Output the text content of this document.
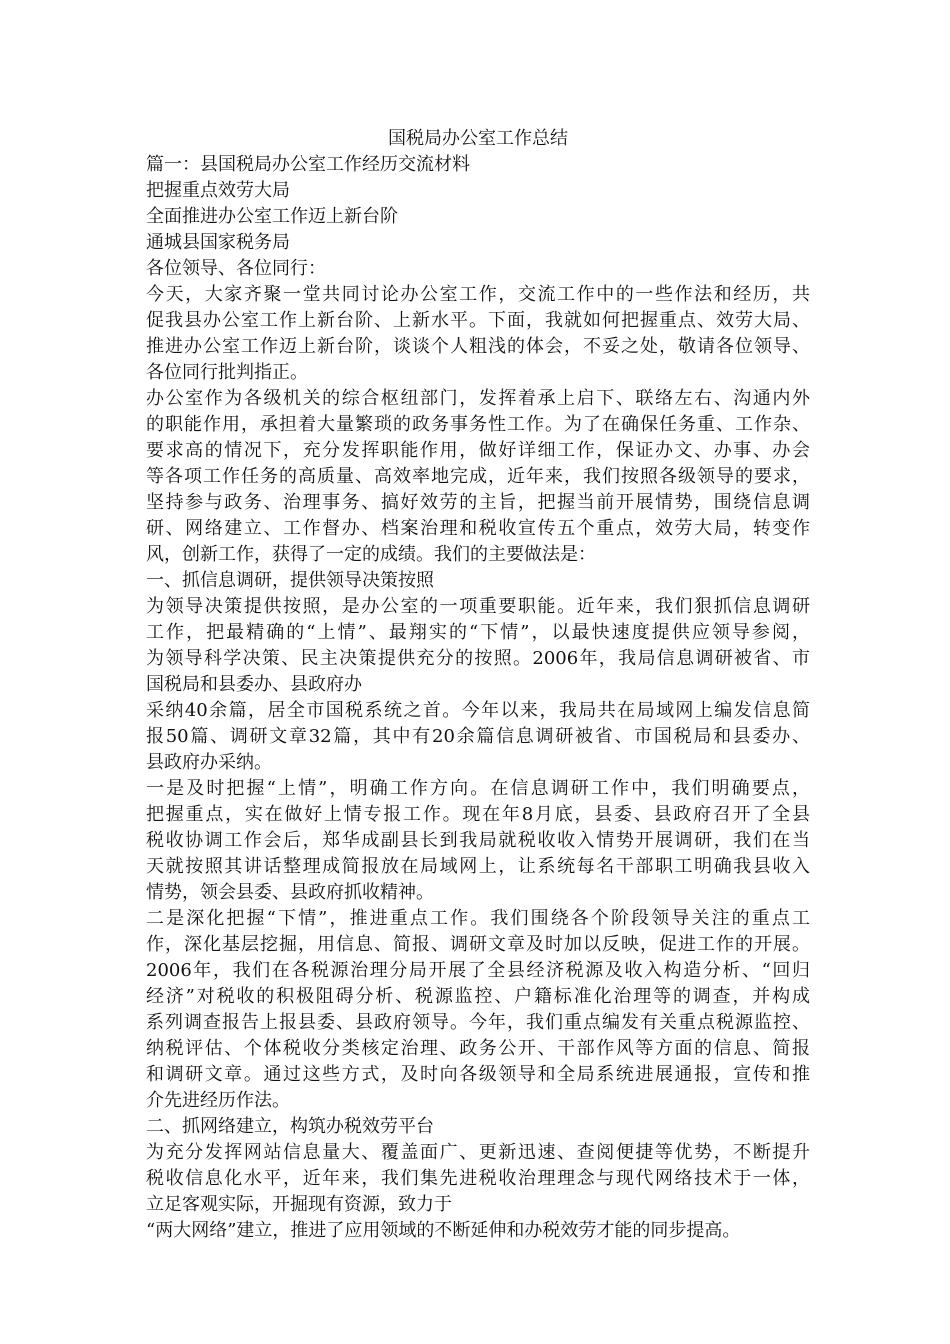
国税局办公室工作总结
篇一：县国税局办公室工作经历交流材料
把握重点效劳大局
全面推进办公室工作迈上新台阶
通城县国家税务局
各位领导、各位同行：
今天，大家齐聚一堂共同讨论办公室工作，交流工作中的一些作法和经历，共
促我县办公室工作上新台阶、上新水平。下面，我就如何把握重点、效劳大局、
推进办公室工作迈上新台阶，谈谈个人粗浅的体会，不妥之处，敬请各位领导、
各位同行批判指正。
办公室作为各级机关的综合枢纽部门，发挥着承上启下、联络左右、沟通内外
的职能作用，承担着大量繁琐的政务事务性工作。为了在确保任务重、工作杂、
要求高的情况下，充分发挥职能作用，做好详细工作，保证办文、办事、办会
等各项工作任务的高质量、高效率地完成，近年来，我们按照各级领导的要求，
坚持参与政务、治理事务、搞好效劳的主旨，把握当前开展情势，围绕信息调
研、网络建立、工作督办、档案治理和税收宣传五个重点，效劳大局，转变作
风，创新工作，获得了一定的成绩。我们的主要做法是：
一、抓信息调研，提供领导决策按照
为领导决策提供按照，是办公室的一项重要职能。近年来，我们狠抓信息调研
工作，把最精确的“上情”、最翔实的“下情”，以最快速度提供应领导参阅，
为领导科学决策、民主决策提供充分的按照。2006年，我局信息调研被省、市
国税局和县委办、县政府办
采纳40余篇，居全市国税系统之首。今年以来，我局共在局域网上编发信息简
报50篇、调研文章32篇，其中有20余篇信息调研被省、市国税局和县委办、
县政府办采纳。
一是及时把握“上情”，明确工作方向。在信息调研工作中，我们明确要点，
把握重点，实在做好上情专报工作。现在年8月底，县委、县政府召开了全县
税收协调工作会后，郑华成副县长到我局就税收收入情势开展调研，我们在当
天就按照其讲话整理成简报放在局域网上，让系统每名干部职工明确我县收入
情势，领会县委、县政府抓收精神。
二是深化把握“下情”，推进重点工作。我们围绕各个阶段领导关注的重点工
作，深化基层挖掘，用信息、简报、调研文章及时加以反映，促进工作的开展。
2006年，我们在各税源治理分局开展了全县经济税源及收入构造分析、“回归
经济”对税收的积极阻碍分析、税源监控、户籍标准化治理等的调查，并构成
系列调查报告上报县委、县政府领导。今年，我们重点编发有关重点税源监控、
纳税评估、个体税收分类核定治理、政务公开、干部作风等方面的信息、简报
和调研文章。通过这些方式，及时向各级领导和全局系统进展通报，宣传和推
介先进经历作法。
二、抓网络建立，构筑办税效劳平台
为充分发挥网站信息量大、覆盖面广、更新迅速、查阅便捷等优势，不断提升
税收信息化水平，近年来，我们集先进税收治理理念与现代网络技术于一体，
立足客观实际，开掘现有资源，致力于
“两大网络”建立，推进了应用领域的不断延伸和办税效劳才能的同步提高。
